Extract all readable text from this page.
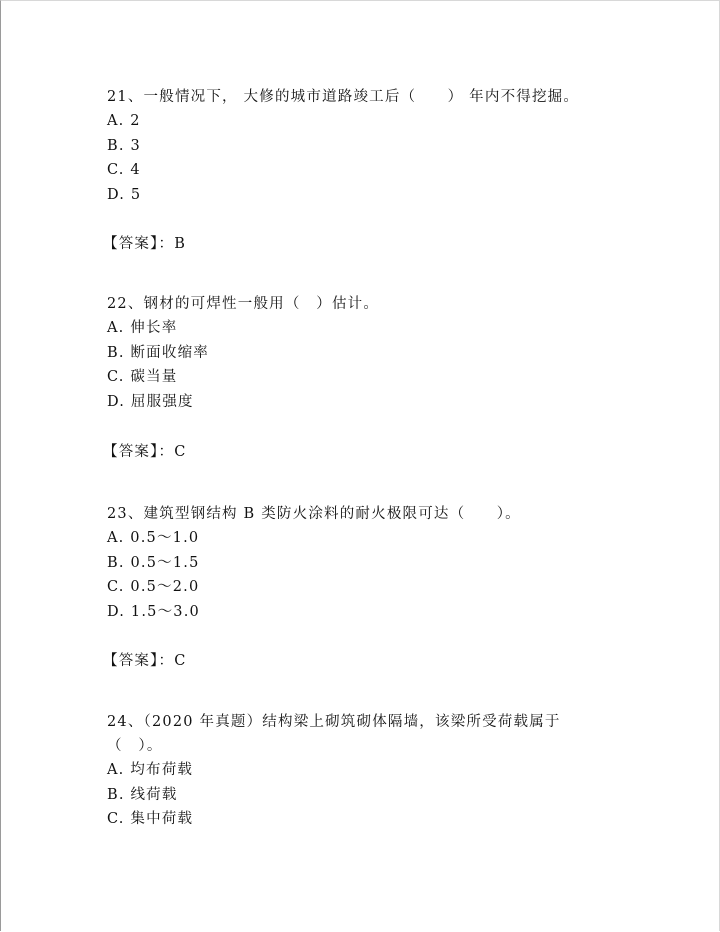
21、一般情况下， 大修的城市道路竣工后（　　） 年内不得挖掘。
A. 2
B. 3
C. 4
D. 5
【答案】：B
22、钢材的可焊性一般用（　）估计。
A. 伸长率
B. 断面收缩率
C. 碳当量
D. 屈服强度
【答案】：C
23、建筑型钢结构 B 类防火涂料的耐火极限可达（　　）。
A. 0.5～1.0
B. 0.5～1.5
C. 0.5～2.0
D. 1.5～3.0
【答案】：C
24、（2020 年真题）结构梁上砌筑砌体隔墙，该梁所受荷载属于（　）。
A. 均布荷载
B. 线荷载
C. 集中荷载
